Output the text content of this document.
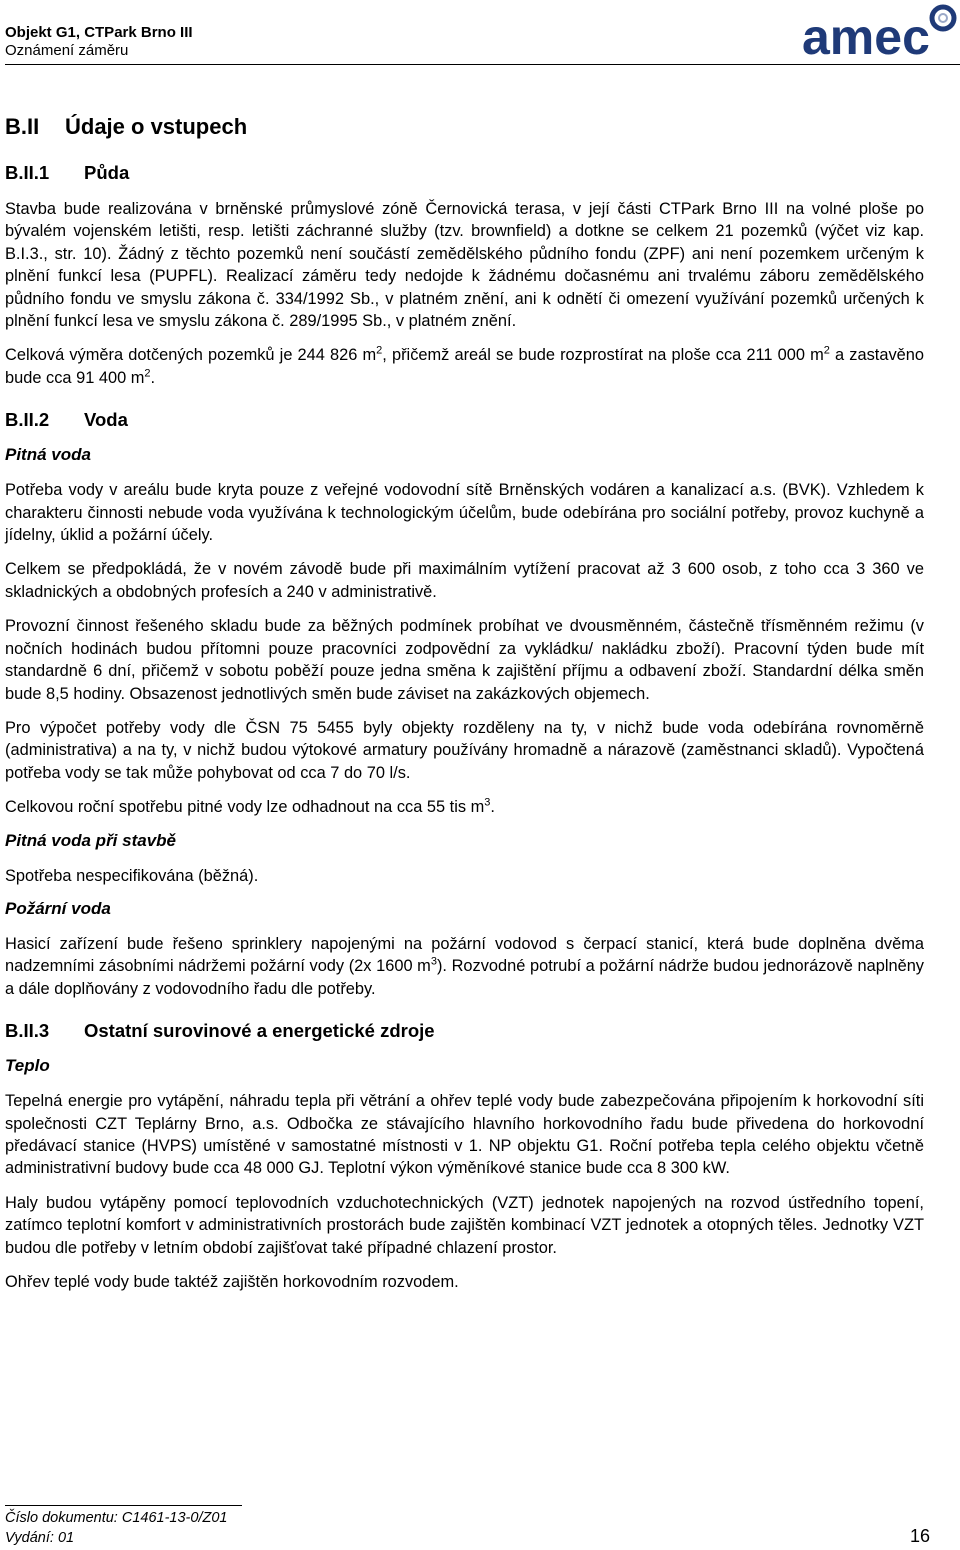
Objekt G1, CTPark Brno III
Oznámení záměru	amec
B.II	Údaje o vstupech
B.II.1	Půda

Stavba bude realizována v brněnské průmyslové zóně Černovická terasa, v její části CTPark Brno III na volné ploše po bývalém vojenském letišti, resp. letišti záchranné služby (tzv. brownfield) a dotkne se celkem 21 pozemků (výčet viz kap. B.I.3., str. 10). Žádný z těchto pozemků není součástí zemědělského půdního fondu (ZPF) ani není pozemkem určeným k plnění funkcí lesa (PUPFL). Realizací záměru tedy nedojde k žádnému dočasnému ani trvalému záboru zemědělského půdního fondu ve smyslu zákona č. 334/1992 Sb., v platném znění, ani k odnětí či omezení využívání pozemků určených k plnění funkcí lesa ve smyslu zákona č. 289/1995 Sb., v platném znění.

Celková výměra dotčených pozemků je 244 826 $m^2$, přičemž areál se bude rozprostírat na ploše cca 211 000 $m^2$ a zastavěno bude cca 91 400 $m^2$.

B.II.2	Voda
Pitná voda

Potřeba vody v areálu bude kryta pouze z veřejné vodovodní sítě Brněnských vodáren a kanalizací a.s. (BVK). Vzhledem k charakteru činnosti nebude voda využívána k technologickým účelům, bude odebírána pro sociální potřeby, provoz kuchyně a jídelny, úklid a požární účely.

Celkem se předpokládá, že v novém závodě bude při maximálním vytížení pracovat až 3 600 osob, z toho cca 3 360 ve skladnických a obdobných profesích a 240 v administrativě.

Provozní činnost řešeného skladu bude za běžných podmínek probíhat ve dvousměnném, částečně třísměnném režimu (v nočních hodinách budou přítomni pouze pracovníci zodpovědní za vykládku/ nakládku zboží). Pracovní týden bude mít standardně 6 dní, přičemž v sobotu poběží pouze jedna směna k zajištění příjmu a odbavení zboží. Standardní délka směn bude 8,5 hodiny. Obsazenost jednotlivých směn bude záviset na zakázkových objemech.

Pro výpočet potřeby vody dle ČSN 75 5455 byly objekty rozděleny na ty, v nichž bude voda odebírána rovnoměrně (administrativa) a na ty, v nichž budou výtokové armatury používány hromadně a nárazově (zaměstnanci skladů). Vypočtená potřeba vody se tak může pohybovat od cca 7 do 70 l/s.

Celkovou roční spotřebu pitné vody lze odhadnout na cca 55 tis $m^3$.

Pitná voda při stavbě

Spotřeba nespecifikována (běžná).

Požární voda

Hasicí zařízení bude řešeno sprinklery napojenými na požární vodovod s čerpací stanicí, která bude doplněna dvěma nadzemními zásobními nádržemi požární vody (2x 1600 $m^3$). Rozvodné potrubí a požární nádrže budou jednorázově naplněny a dále doplňovány z vodovodního řadu dle potřeby.

B.II.3	Ostatní surovinové a energetické zdroje
Teplo

Tepelná energie pro vytápění, náhradu tepla při větrání a ohřev teplé vody bude zabezpečována připojením k horkovodní síti společnosti CZT Teplárny Brno, a.s. Odbočka ze stávajícího hlavního horkovodního řadu bude přivedena do horkovodní předávací stanice (HVPS) umístěné v samostatné místnosti v 1. NP objektu G1. Roční potřeba tepla celého objektu včetně administrativní budovy bude cca 48 000 GJ. Teplotní výkon výměníkové stanice bude cca 8 300 kW.

Haly budou vytápěny pomocí teplovodních vzduchotechnických (VZT) jednotek napojených na rozvod ústředního topení, zatímco teplotní komfort v administrativních prostorách bude zajištěn kombinací VZT jednotek a otopných těles. Jednotky VZT budou dle potřeby v letním období zajišťovat také případné chlazení prostor.

Ohřev teplé vody bude taktéž zajištěn horkovodním rozvodem.

Číslo dokumentu: C1461-13-0/Z01
Vydání: 01	16
